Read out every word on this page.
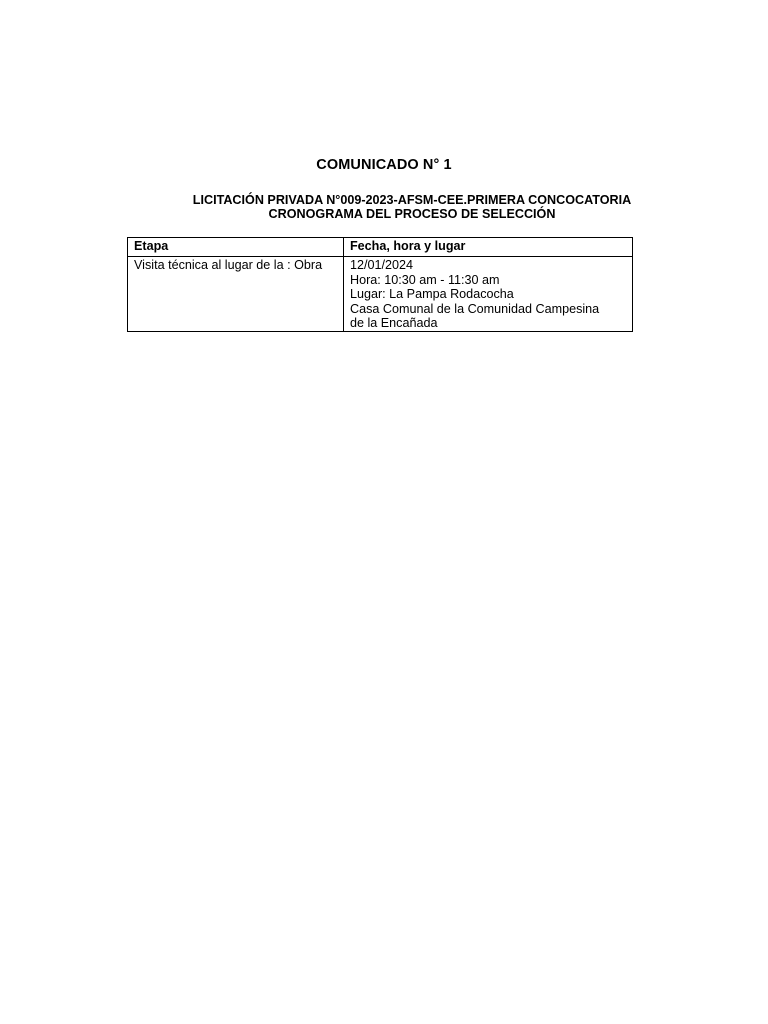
COMUNICADO N° 1
LICITACIÓN PRIVADA N°009-2023-AFSM-CEE.PRIMERA CONCOCATORIA
CRONOGRAMA DEL PROCESO DE SELECCIÓN
Etapa	Fecha, hora y lugar
Visita técnica al lugar de la : Obra	12/01/2024
Hora: 10:30 am - 11:30 am
Lugar: La Pampa Rodacocha
Casa Comunal de la Comunidad Campesina
de la Encañada
